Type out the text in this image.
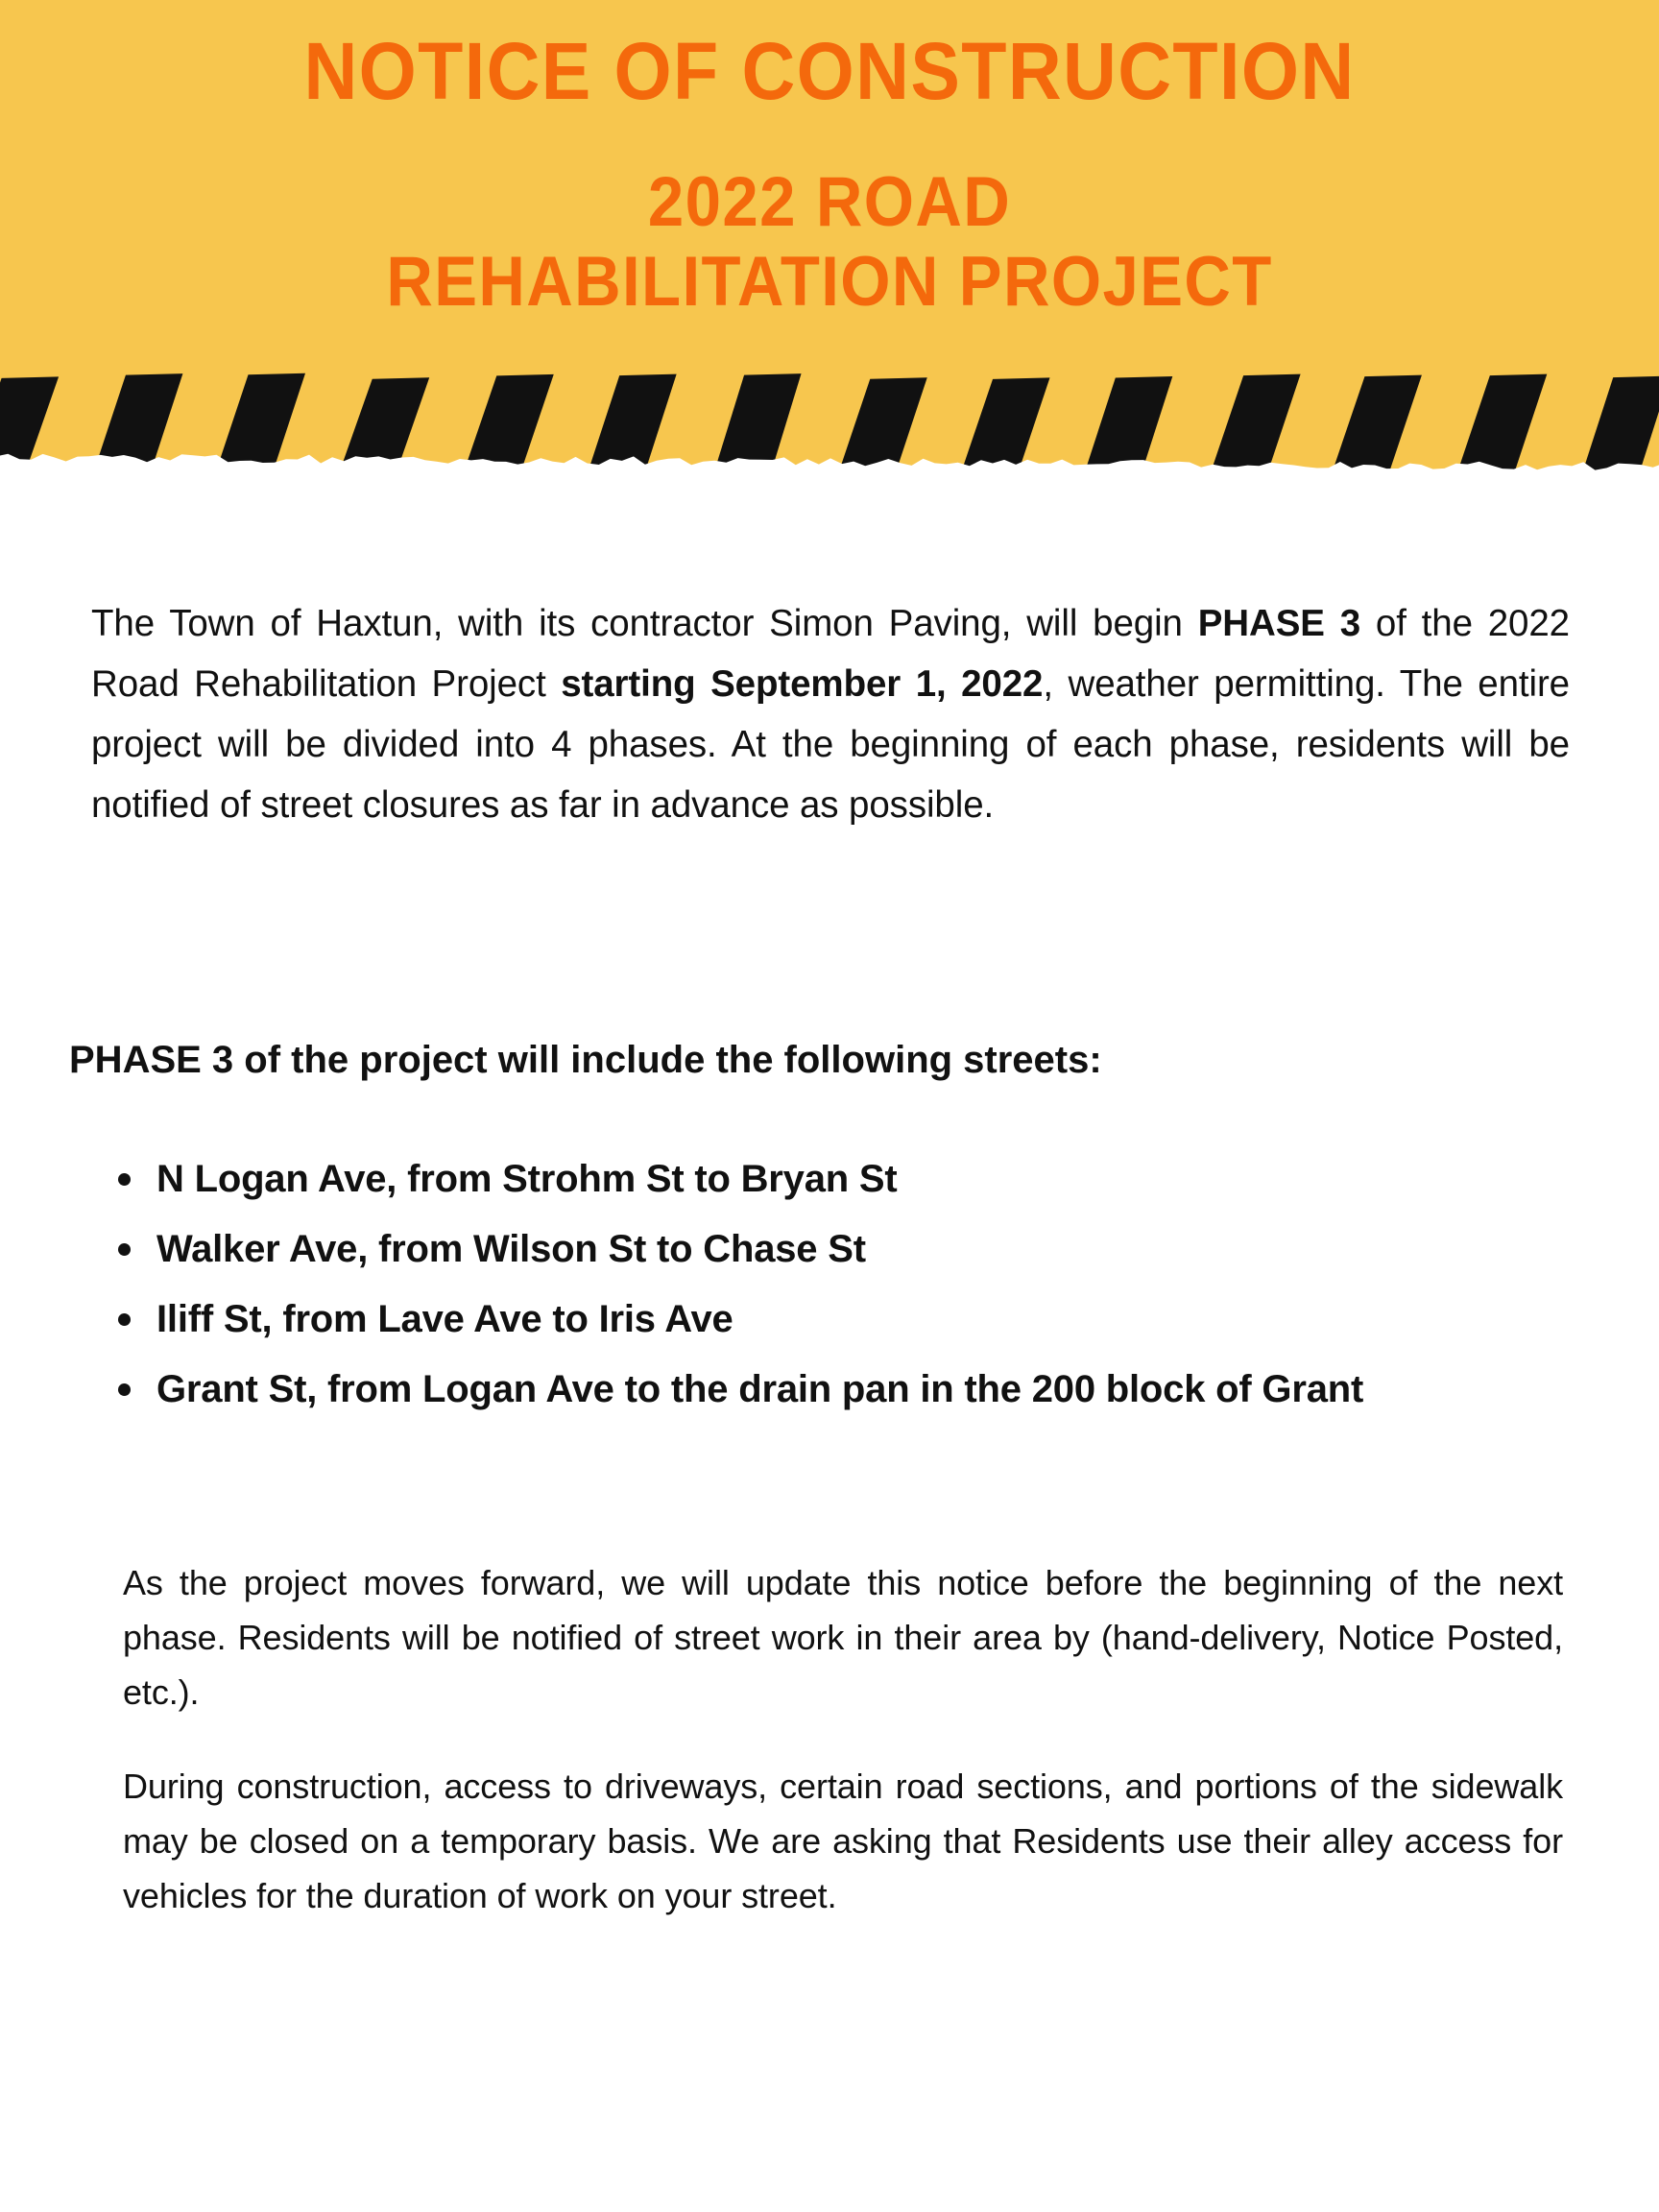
NOTICE OF CONSTRUCTION
2022 ROAD
REHABILITATION PROJECT

The Town of Haxtun, with its contractor Simon Paving, will begin PHASE 3 of the 2022 Road Rehabilitation Project starting September 1, 2022, weather permitting. The entire project will be divided into 4 phases. At the beginning of each phase, residents will be notified of street closures as far in advance as possible.

PHASE 3 of the project will include the following streets:
N Logan Ave, from Strohm St to Bryan St
Walker Ave, from Wilson St to Chase St
Iliff St, from Lave Ave to Iris Ave
Grant St, from Logan Ave to the drain pan in the 200 block of Grant

As the project moves forward, we will update this notice before the beginning of the next phase. Residents will be notified of street work in their area by (hand-delivery, Notice Posted, etc.).

During construction, access to driveways, certain road sections, and portions of the sidewalk may be closed on a temporary basis. We are asking that Residents use their alley access for vehicles for the duration of work on your street.
